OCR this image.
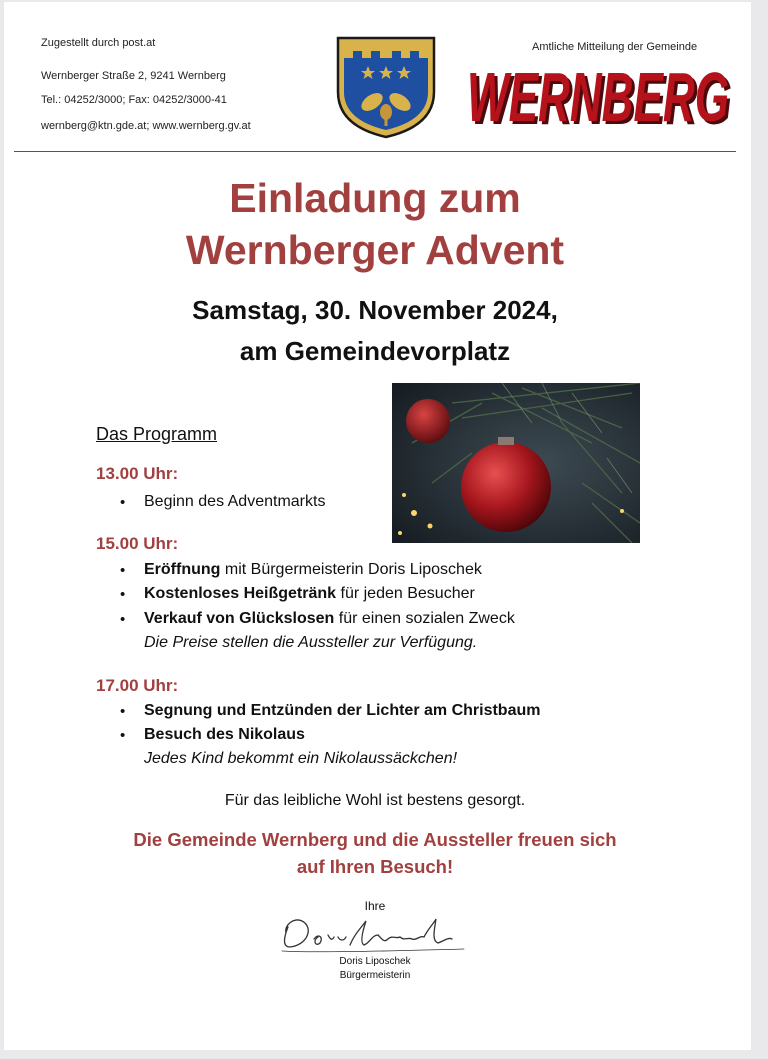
Zugestellt durch post.at
Wernberger Straße 2, 9241 Wernberg
Tel.: 04252/3000; Fax: 04252/3000-41
wernberg@ktn.gde.at; www.wernberg.gv.at
Amtliche Mitteilung der Gemeinde
WERNBERG
WERNBERG
Einladung zum
Wernberger Advent
Samstag, 30. November 2024,
am Gemeindevorplatz
Das Programm
13.00 Uhr:
• Beginn des Adventmarkts
15.00 Uhr:
• Eröffnung mit Bürgermeisterin Doris Liposchek
• Kostenloses Heißgetränk für jeden Besucher
• Verkauf von Glückslosen für einen sozialen Zweck
Die Preise stellen die Aussteller zur Verfügung.
17.00 Uhr:
• Segnung und Entzünden der Lichter am Christbaum
• Besuch des Nikolaus
Jedes Kind bekommt ein Nikolaussäckchen!
Für das leibliche Wohl ist bestens gesorgt.
Die Gemeinde Wernberg und die Aussteller freuen sich
auf Ihren Besuch!
Ihre
Doris Liposchek
Bürgermeisterin
